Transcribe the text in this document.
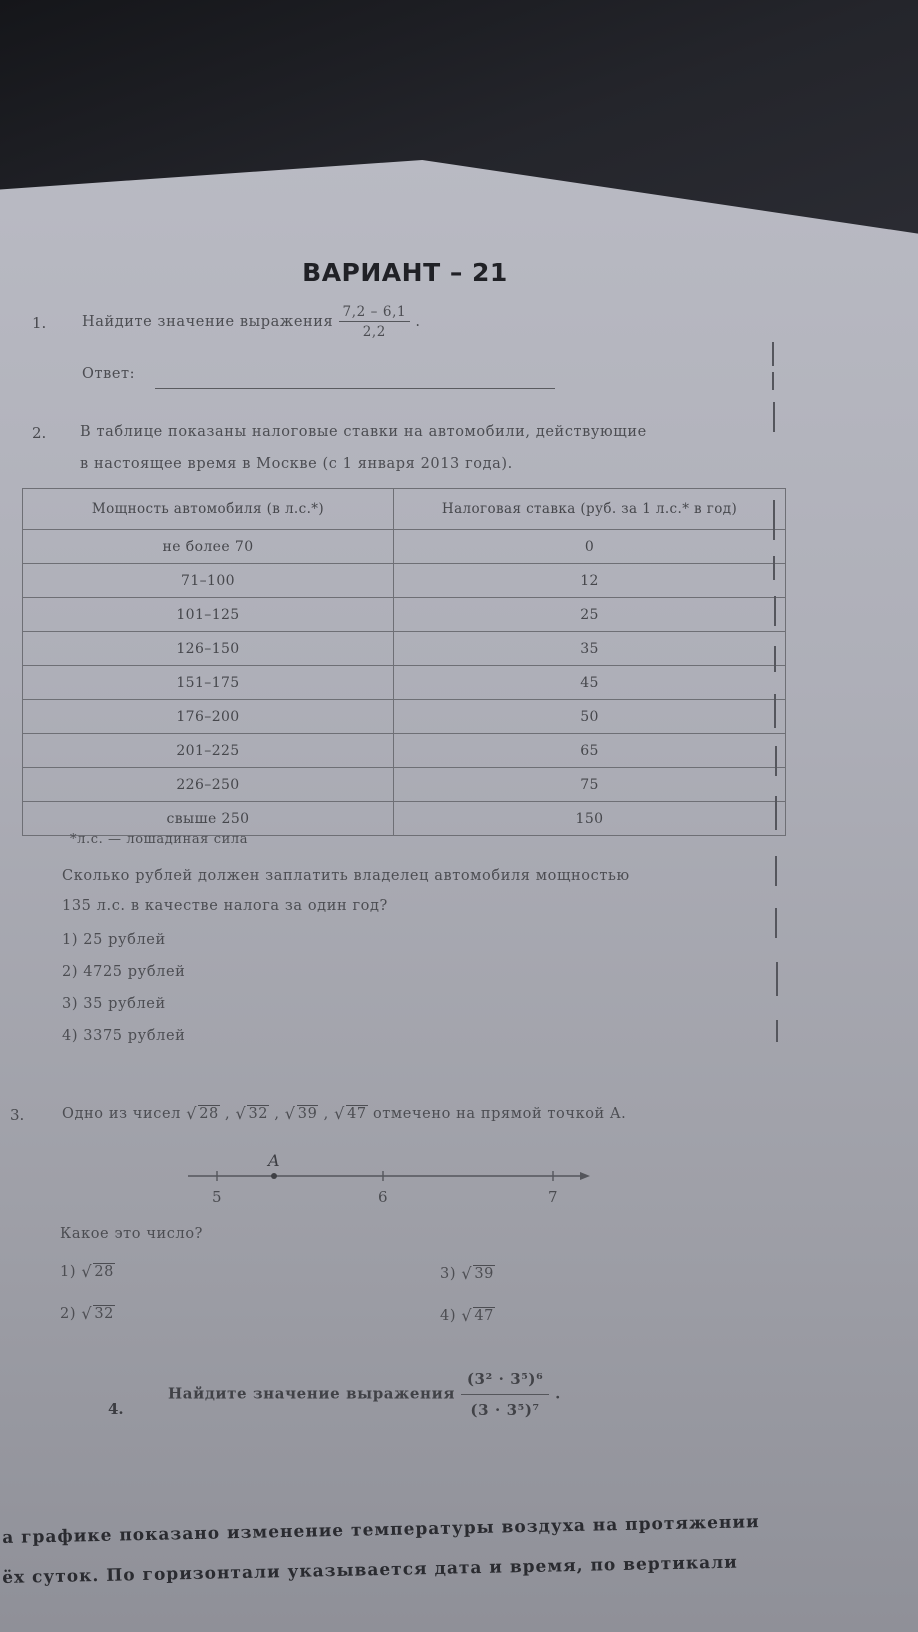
ВАРИАНТ – 21
1. Найдите значение выражения $\frac{7,2 - 6,1}{2,2}$ .
Ответ:
2. В таблице показаны налоговые ставки на автомобили, действующие
в настоящее время в Москве (с 1 января 2013 года).
Мощность автомобиля (в л.с.*)	Налоговая ставка (руб. за 1 л.с.* в год)
не более 70	0
71–100	12
101–125	25
126–150	35
151–175	45
176–200	50
201–225	65
226–250	75
свыше 250	150
*л.с. — лошадиная сила
Сколько рублей должен заплатить владелец автомобиля мощностью
135 л.с. в качестве налога за один год?
1) 25 рублей
2) 4725 рублей
3) 35 рублей
4) 3375 рублей
3.	Одно из чисел √ 28 , √ 32 , √ 39 , √ 47 отмечено на прямой точкой A.
A
5	6	7
Какое это число?
1) √ 28
2) √ 32
3) √ 39
4) √ 47
4.
Найдите значение выражения $\frac{\text{(3² · 3⁵)⁶}}{\text{(3 · 3⁵)⁷}}$ .
а графике показано изменение температуры воздуха на протяжении
ёх суток. По горизонтали указывается дата и время, по вертикали
